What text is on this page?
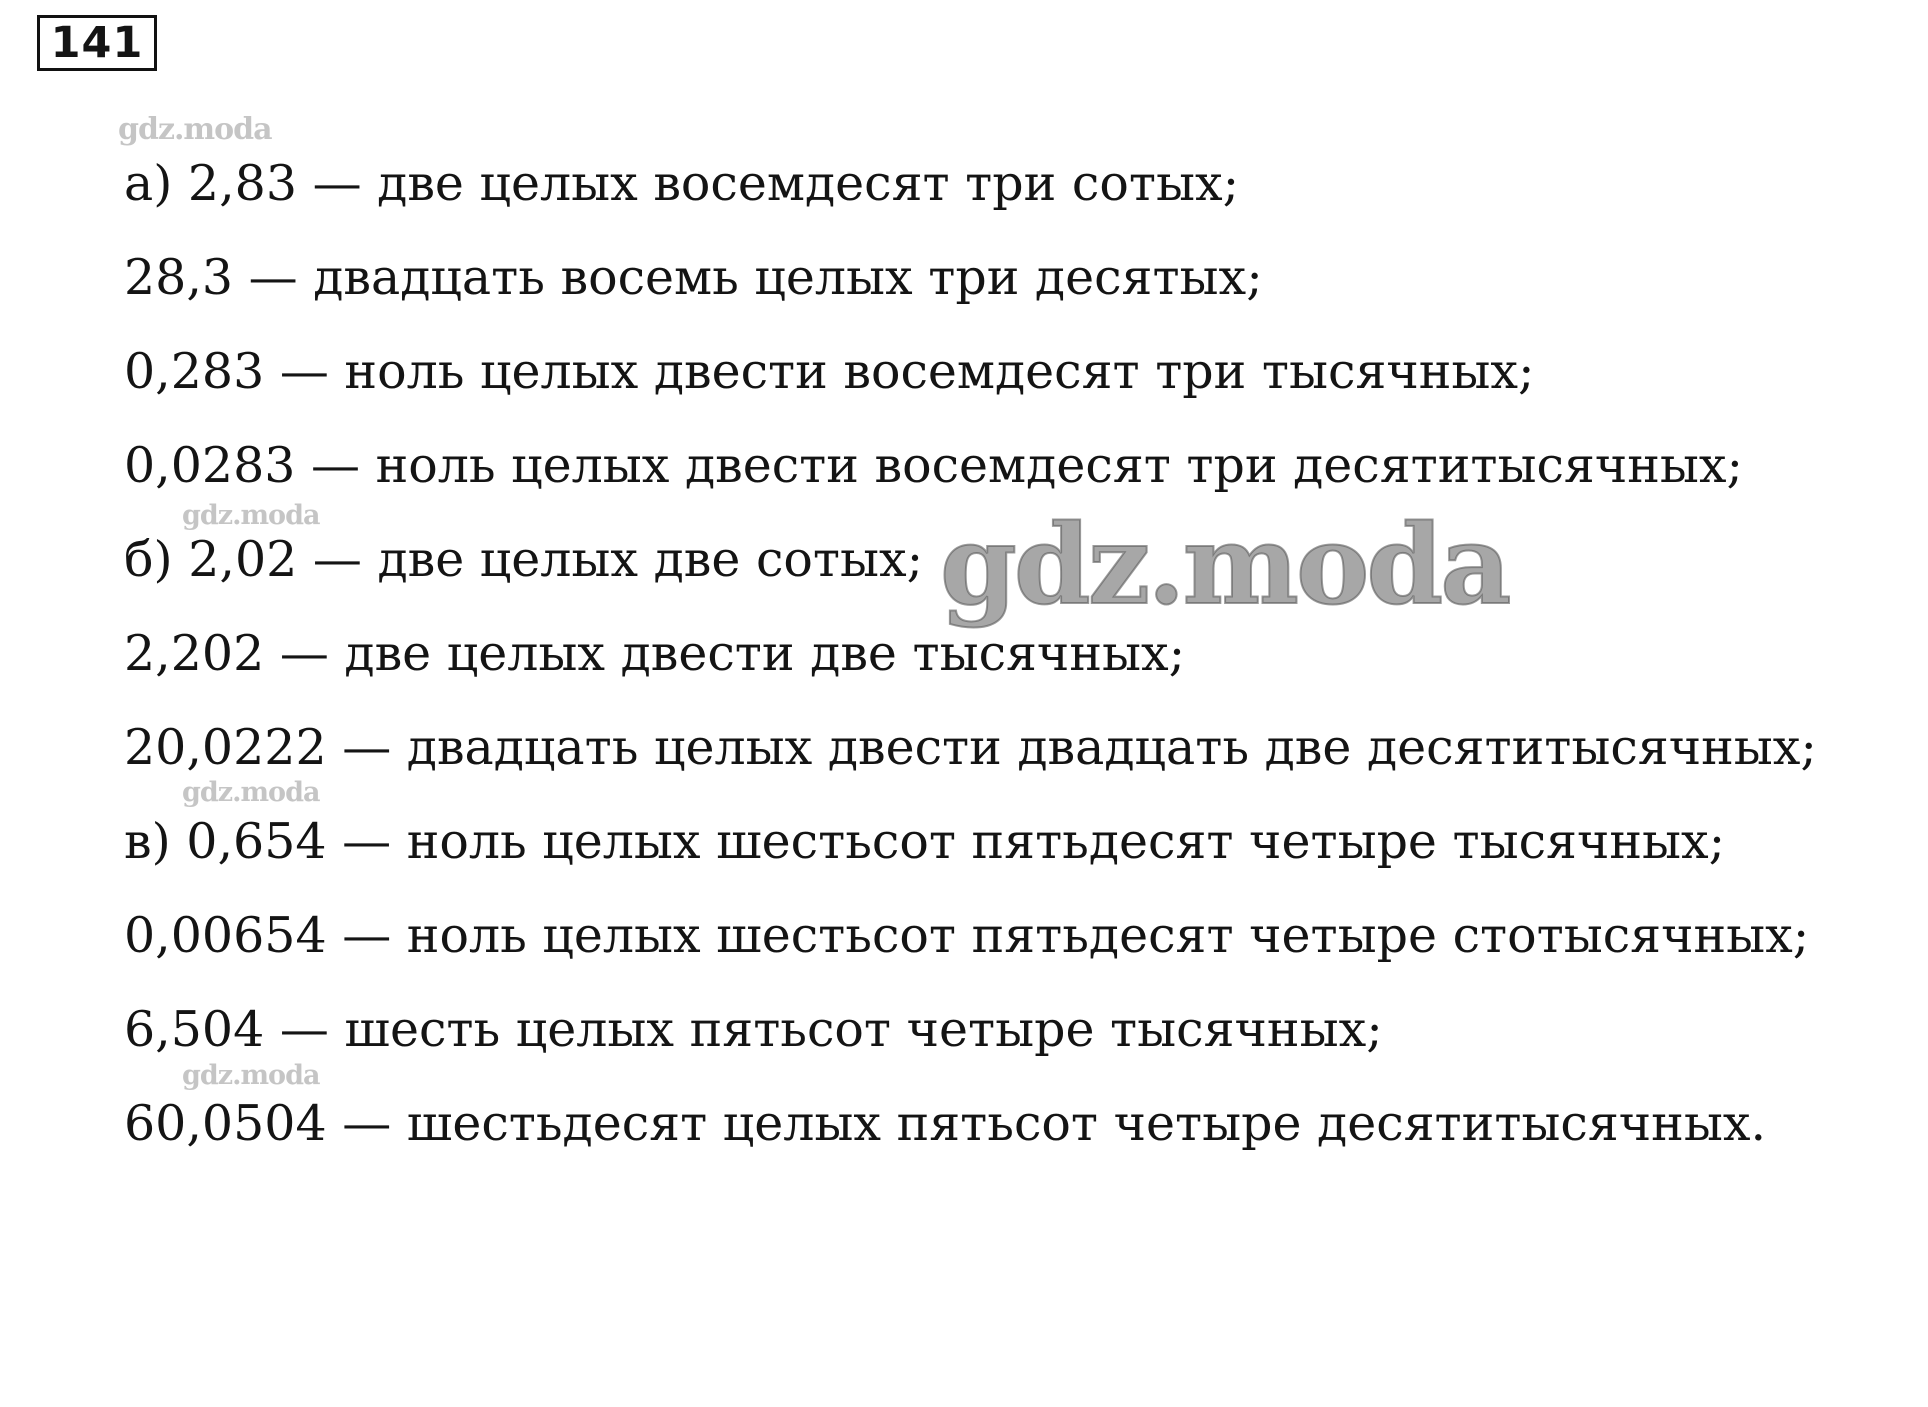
141
а) 2,83 — две целых восемдесят три сотых;
28,3 — двадцать восемь целых три десятых;
0,283 — ноль целых двести восемдесят три тысячных;
0,0283 — ноль целых двести восемдесят три десятитысячных;
б) 2,02 — две целых две сотых;
2,202 — две целых двести две тысячных;
20,0222 — двадцать целых двести двадцать две десятитысячных;
в) 0,654 — ноль целых шестьсот пятьдесят четыре тысячных;
0,00654 — ноль целых шестьсот пятьдесят четыре стотысячных;
6,504 — шесть целых пятьсот четыре тысячных;
60,0504 — шестьдесят целых пятьсот четыре десятитысячных.
gdz.moda
gdz.moda
gdz.moda
gdz.moda
gdz.moda
